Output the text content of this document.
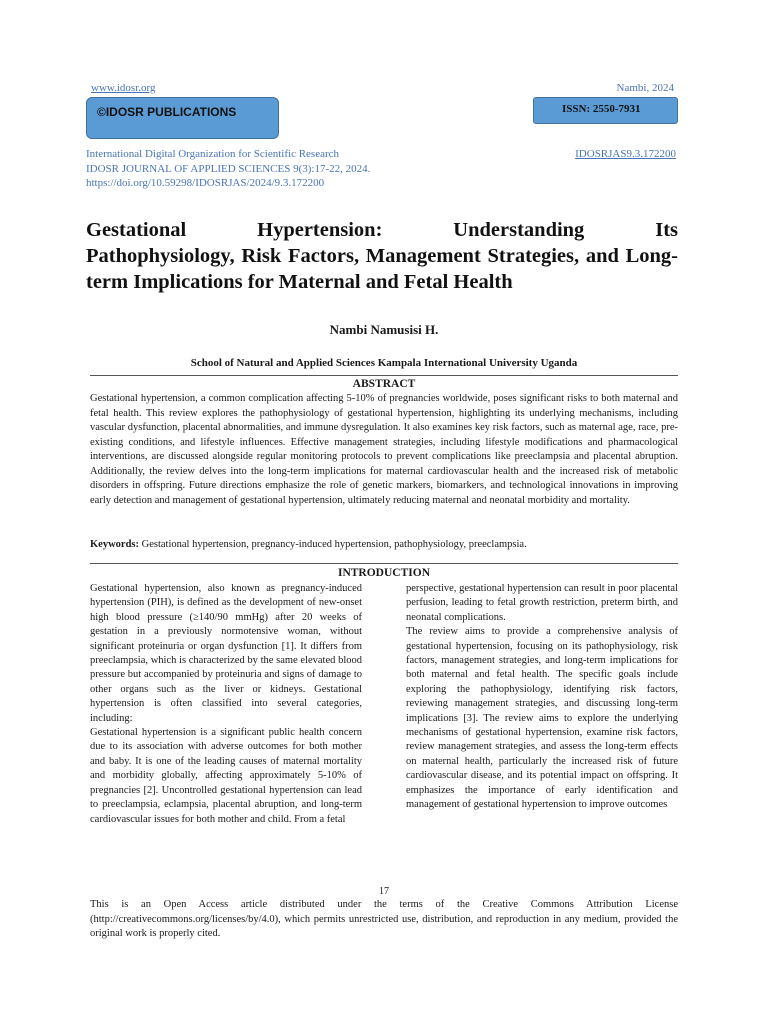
www.idosr.org	Nambi, 2024
©IDOSR PUBLICATIONS	ISSN: 2550-7931
International Digital Organization for Scientific Research
IDOSR JOURNAL OF APPLIED SCIENCES 9(3):17-22, 2024.
https://doi.org/10.59298/IDOSRJAS/2024/9.3.172200
IDOSRJAS9.3.172200
Gestational Hypertension: Understanding Its
Pathophysiology, Risk Factors, Management Strategies, and Long-term Implications for Maternal and Fetal Health
Nambi Namusisi H.
School of Natural and Applied Sciences Kampala International University Uganda
ABSTRACT

Gestational hypertension, a common complication affecting 5-10% of pregnancies worldwide, poses significant risks to both maternal and fetal health. This review explores the pathophysiology of gestational hypertension, highlighting its underlying mechanisms, including vascular dysfunction, placental abnormalities, and immune dysregulation. It also examines key risk factors, such as maternal age, race, pre-existing conditions, and lifestyle influences. Effective management strategies, including lifestyle modifications and pharmacological interventions, are discussed alongside regular monitoring protocols to prevent complications like preeclampsia and placental abruption. Additionally, the review delves into the long-term implications for maternal cardiovascular health and the increased risk of metabolic disorders in offspring. Future directions emphasize the role of genetic markers, biomarkers, and technological innovations in improving early detection and management of gestational hypertension, ultimately reducing maternal and neonatal morbidity and mortality.

Keywords: Gestational hypertension, pregnancy-induced hypertension, pathophysiology, preeclampsia.

INTRODUCTION

Gestational hypertension, also known as pregnancy-induced hypertension (PIH), is defined as the development of new-onset high blood pressure (≥140/90 mmHg) after 20 weeks of gestation in a previously normotensive woman, without significant proteinuria or organ dysfunction [1]. It differs from preeclampsia, which is characterized by the same elevated blood pressure but accompanied by proteinuria and signs of damage to other organs such as the liver or kidneys. Gestational hypertension is often classified into several categories, including:

Gestational hypertension is a significant public health concern due to its association with adverse outcomes for both mother and baby. It is one of the leading causes of maternal mortality and morbidity globally, affecting approximately 5-10% of pregnancies [2]. Uncontrolled gestational hypertension can lead to preeclampsia, eclampsia, placental abruption, and long-term cardiovascular issues for both mother and child. From a fetal

perspective, gestational hypertension can result in poor placental perfusion, leading to fetal growth restriction, preterm birth, and neonatal complications.

The review aims to provide a comprehensive analysis of gestational hypertension, focusing on its pathophysiology, risk factors, management strategies, and long-term implications for both maternal and fetal health. The specific goals include exploring the pathophysiology, identifying risk factors, reviewing management strategies, and discussing long-term implications [3]. The review aims to explore the underlying mechanisms of gestational hypertension, examine risk factors, review management strategies, and assess the long-term effects on maternal health, particularly the increased risk of future cardiovascular disease, and its potential impact on offspring. It emphasizes the importance of early identification and management of gestational hypertension to improve outcomes

17

This is an Open Access article distributed under the terms of the Creative Commons Attribution License (http://creativecommons.org/licenses/by/4.0), which permits unrestricted use, distribution, and reproduction in any medium, provided the original work is properly cited.
